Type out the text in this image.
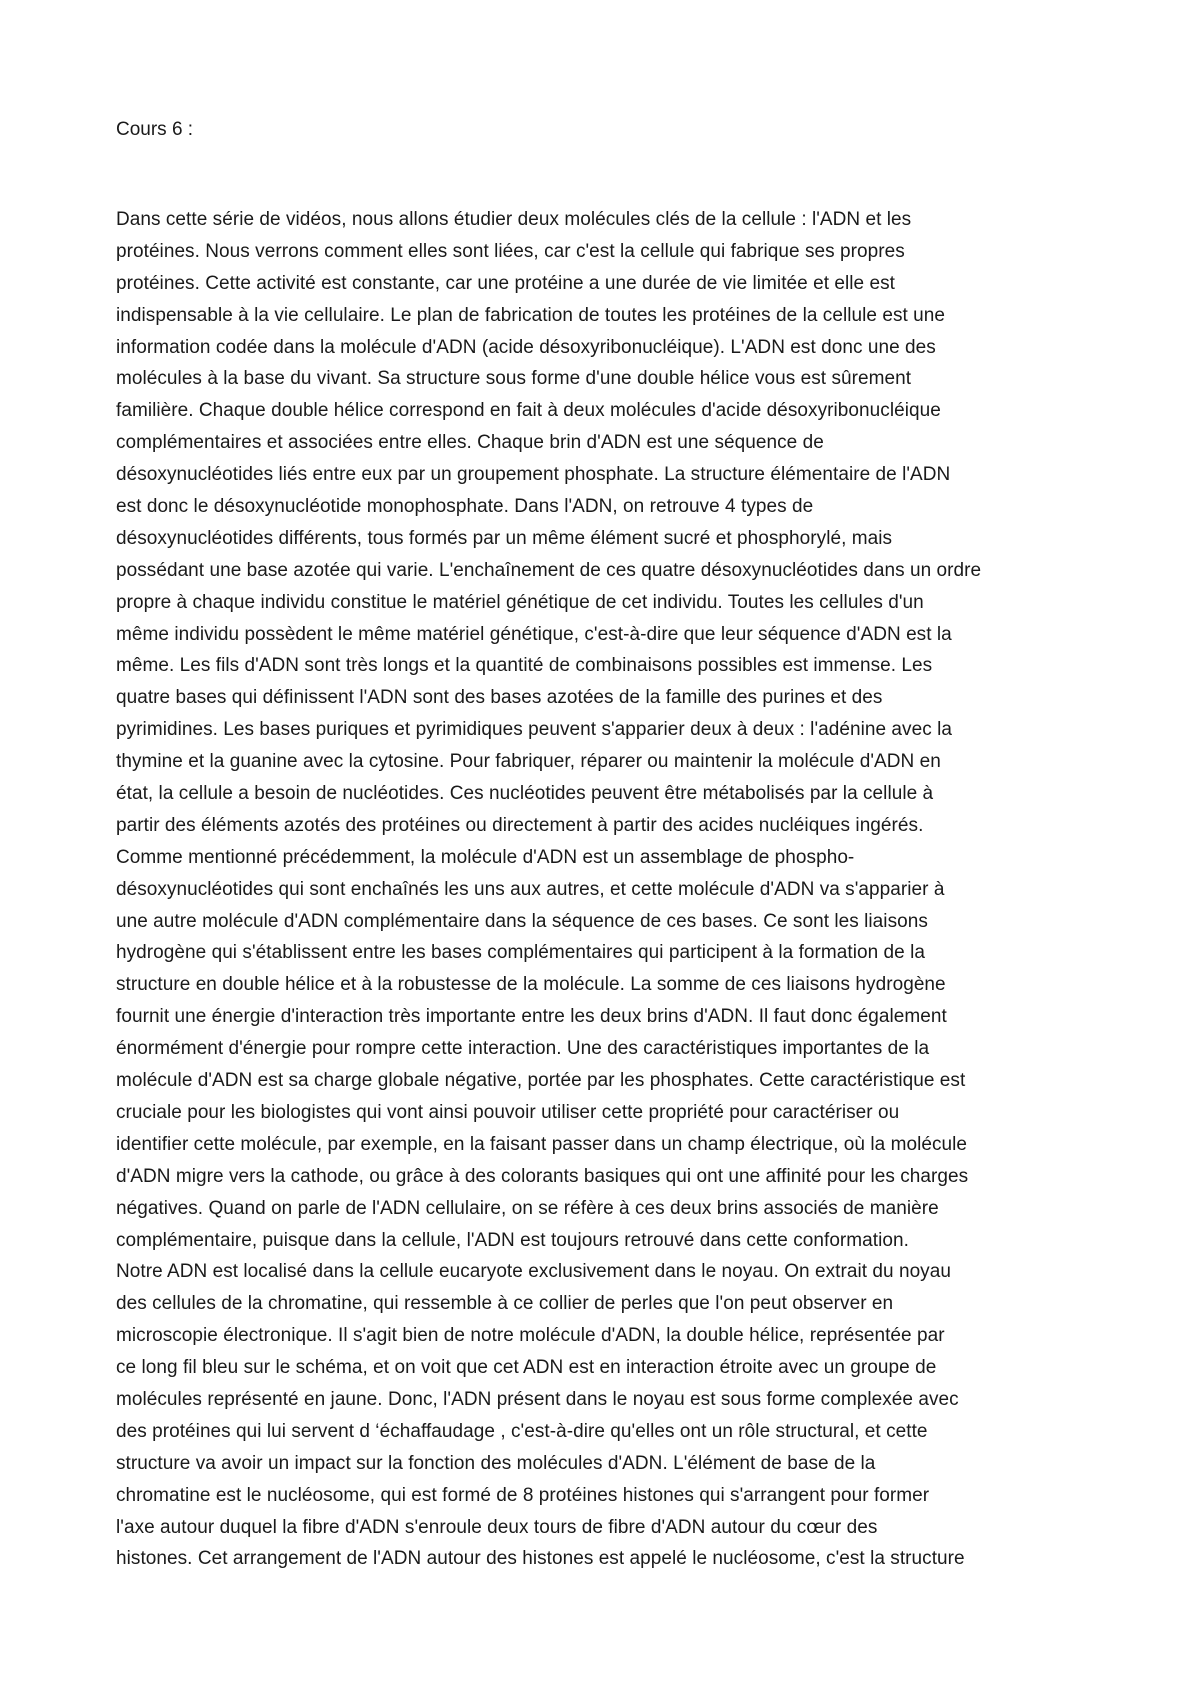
Cours 6 :
Dans cette série de vidéos, nous allons étudier deux molécules clés de la cellule : l'ADN et les
protéines. Nous verrons comment elles sont liées, car c'est la cellule qui fabrique ses propres
protéines. Cette activité est constante, car une protéine a une durée de vie limitée et elle est
indispensable à la vie cellulaire. Le plan de fabrication de toutes les protéines de la cellule est une
information codée dans la molécule d'ADN (acide désoxyribonucléique). L'ADN est donc une des
molécules à la base du vivant. Sa structure sous forme d'une double hélice vous est sûrement
familière. Chaque double hélice correspond en fait à deux molécules d'acide désoxyribonucléique
complémentaires et associées entre elles. Chaque brin d'ADN est une séquence de
désoxynucléotides liés entre eux par un groupement phosphate. La structure élémentaire de l'ADN
est donc le désoxynucléotide monophosphate. Dans l'ADN, on retrouve 4 types de
désoxynucléotides différents, tous formés par un même élément sucré et phosphorylé, mais
possédant une base azotée qui varie. L'enchaînement de ces quatre désoxynucléotides dans un ordre
propre à chaque individu constitue le matériel génétique de cet individu. Toutes les cellules d'un
même individu possèdent le même matériel génétique, c'est-à-dire que leur séquence d'ADN est la
même. Les fils d'ADN sont très longs et la quantité de combinaisons possibles est immense. Les
quatre bases qui définissent l'ADN sont des bases azotées de la famille des purines et des
pyrimidines. Les bases puriques et pyrimidiques peuvent s'apparier deux à deux : l'adénine avec la
thymine et la guanine avec la cytosine. Pour fabriquer, réparer ou maintenir la molécule d'ADN en
état, la cellule a besoin de nucléotides. Ces nucléotides peuvent être métabolisés par la cellule à
partir des éléments azotés des protéines ou directement à partir des acides nucléiques ingérés.
Comme mentionné précédemment, la molécule d'ADN est un assemblage de phospho-
désoxynucléotides qui sont enchaînés les uns aux autres, et cette molécule d'ADN va s'apparier à
une autre molécule d'ADN complémentaire dans la séquence de ces bases. Ce sont les liaisons
hydrogène qui s'établissent entre les bases complémentaires qui participent à la formation de la
structure en double hélice et à la robustesse de la molécule. La somme de ces liaisons hydrogène
fournit une énergie d'interaction très importante entre les deux brins d'ADN. Il faut donc également
énormément d'énergie pour rompre cette interaction. Une des caractéristiques importantes de la
molécule d'ADN est sa charge globale négative, portée par les phosphates. Cette caractéristique est
cruciale pour les biologistes qui vont ainsi pouvoir utiliser cette propriété pour caractériser ou
identifier cette molécule, par exemple, en la faisant passer dans un champ électrique, où la molécule
d'ADN migre vers la cathode, ou grâce à des colorants basiques qui ont une affinité pour les charges
négatives. Quand on parle de l'ADN cellulaire, on se réfère à ces deux brins associés de manière
complémentaire, puisque dans la cellule, l'ADN est toujours retrouvé dans cette conformation.
Notre ADN est localisé dans la cellule eucaryote exclusivement dans le noyau. On extrait du noyau
des cellules de la chromatine, qui ressemble à ce collier de perles que l'on peut observer en
microscopie électronique. Il s'agit bien de notre molécule d'ADN, la double hélice, représentée par
ce long fil bleu sur le schéma, et on voit que cet ADN est en interaction étroite avec un groupe de
molécules représenté en jaune. Donc, l'ADN présent dans le noyau est sous forme complexée avec
des protéines qui lui servent d ‘échaffaudage , c'est-à-dire qu'elles ont un rôle structural, et cette
structure va avoir un impact sur la fonction des molécules d'ADN. L'élément de base de la
chromatine est le nucléosome, qui est formé de 8 protéines histones qui s'arrangent pour former
l'axe autour duquel la fibre d'ADN s'enroule deux tours de fibre d'ADN autour du cœur des
histones. Cet arrangement de l'ADN autour des histones est appelé le nucléosome, c'est la structure
